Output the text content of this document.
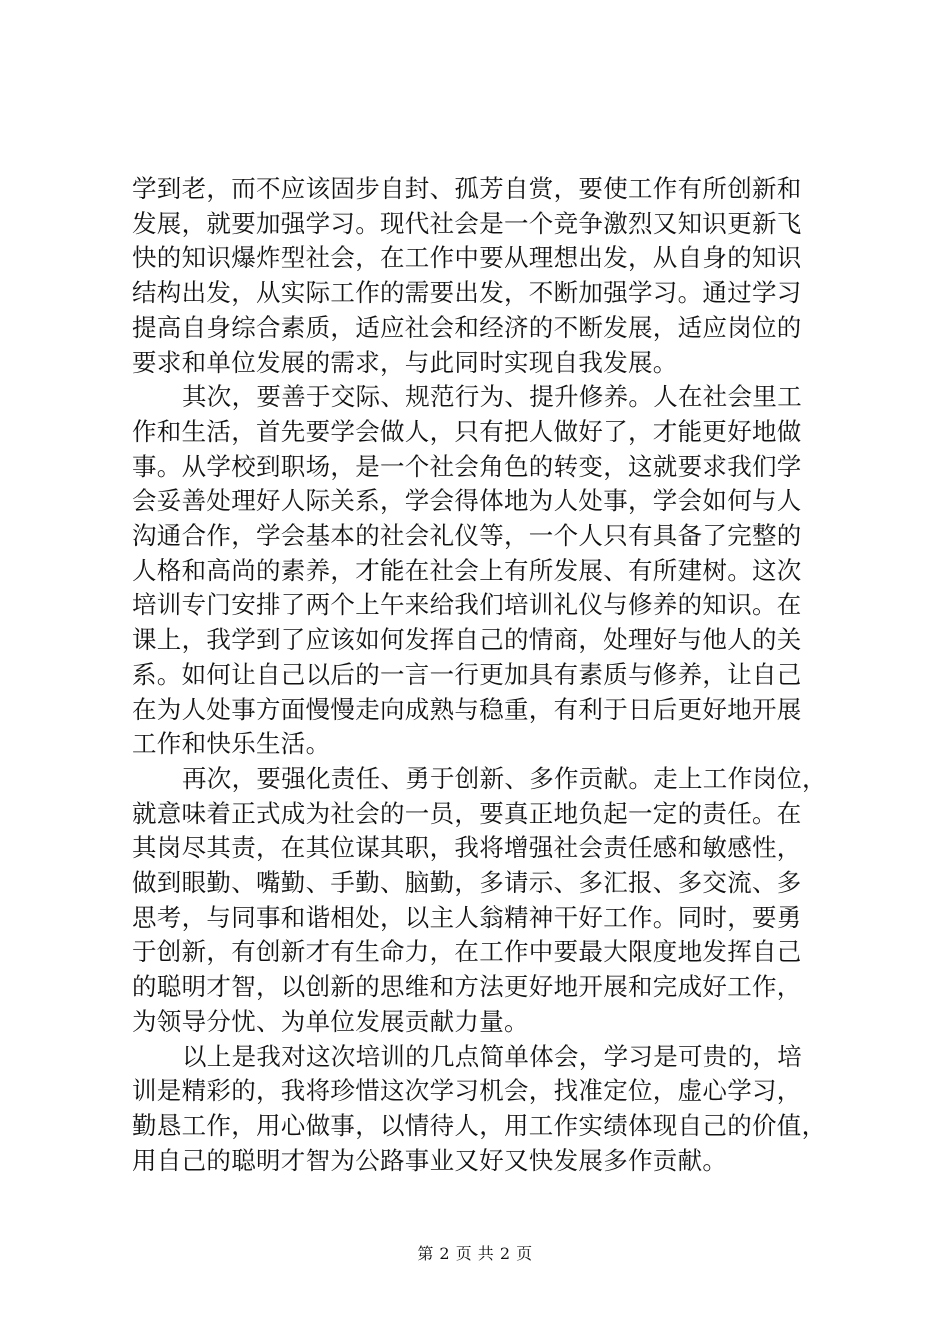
学到老，而不应该固步自封、孤芳自赏，要使工作有所创新和
发展，就要加强学习。现代社会是一个竞争激烈又知识更新飞
快的知识爆炸型社会，在工作中要从理想出发，从自身的知识
结构出发，从实际工作的需要出发，不断加强学习。通过学习
提高自身综合素质，适应社会和经济的不断发展，适应岗位的
要求和单位发展的需求，与此同时实现自我发展。
其次，要善于交际、规范行为、提升修养。人在社会里工
作和生活，首先要学会做人，只有把人做好了，才能更好地做
事。从学校到职场，是一个社会角色的转变，这就要求我们学
会妥善处理好人际关系，学会得体地为人处事，学会如何与人
沟通合作，学会基本的社会礼仪等，一个人只有具备了完整的
人格和高尚的素养，才能在社会上有所发展、有所建树。这次
培训专门安排了两个上午来给我们培训礼仪与修养的知识。在
课上，我学到了应该如何发挥自己的情商，处理好与他人的关
系。如何让自己以后的一言一行更加具有素质与修养，让自己
在为人处事方面慢慢走向成熟与稳重，有利于日后更好地开展
工作和快乐生活。
再次，要强化责任、勇于创新、多作贡献。走上工作岗位，
就意味着正式成为社会的一员，要真正地负起一定的责任。在
其岗尽其责，在其位谋其职，我将增强社会责任感和敏感性，
做到眼勤、嘴勤、手勤、脑勤，多请示、多汇报、多交流、多
思考，与同事和谐相处，以主人翁精神干好工作。同时，要勇
于创新，有创新才有生命力，在工作中要最大限度地发挥自己
的聪明才智，以创新的思维和方法更好地开展和完成好工作，
为领导分忧、为单位发展贡献力量。
以上是我对这次培训的几点简单体会，学习是可贵的，培
训是精彩的，我将珍惜这次学习机会，找准定位，虚心学习，
勤恳工作，用心做事，以情待人，用工作实绩体现自己的价值，
用自己的聪明才智为公路事业又好又快发展多作贡献。
第 2 页 共 2 页
